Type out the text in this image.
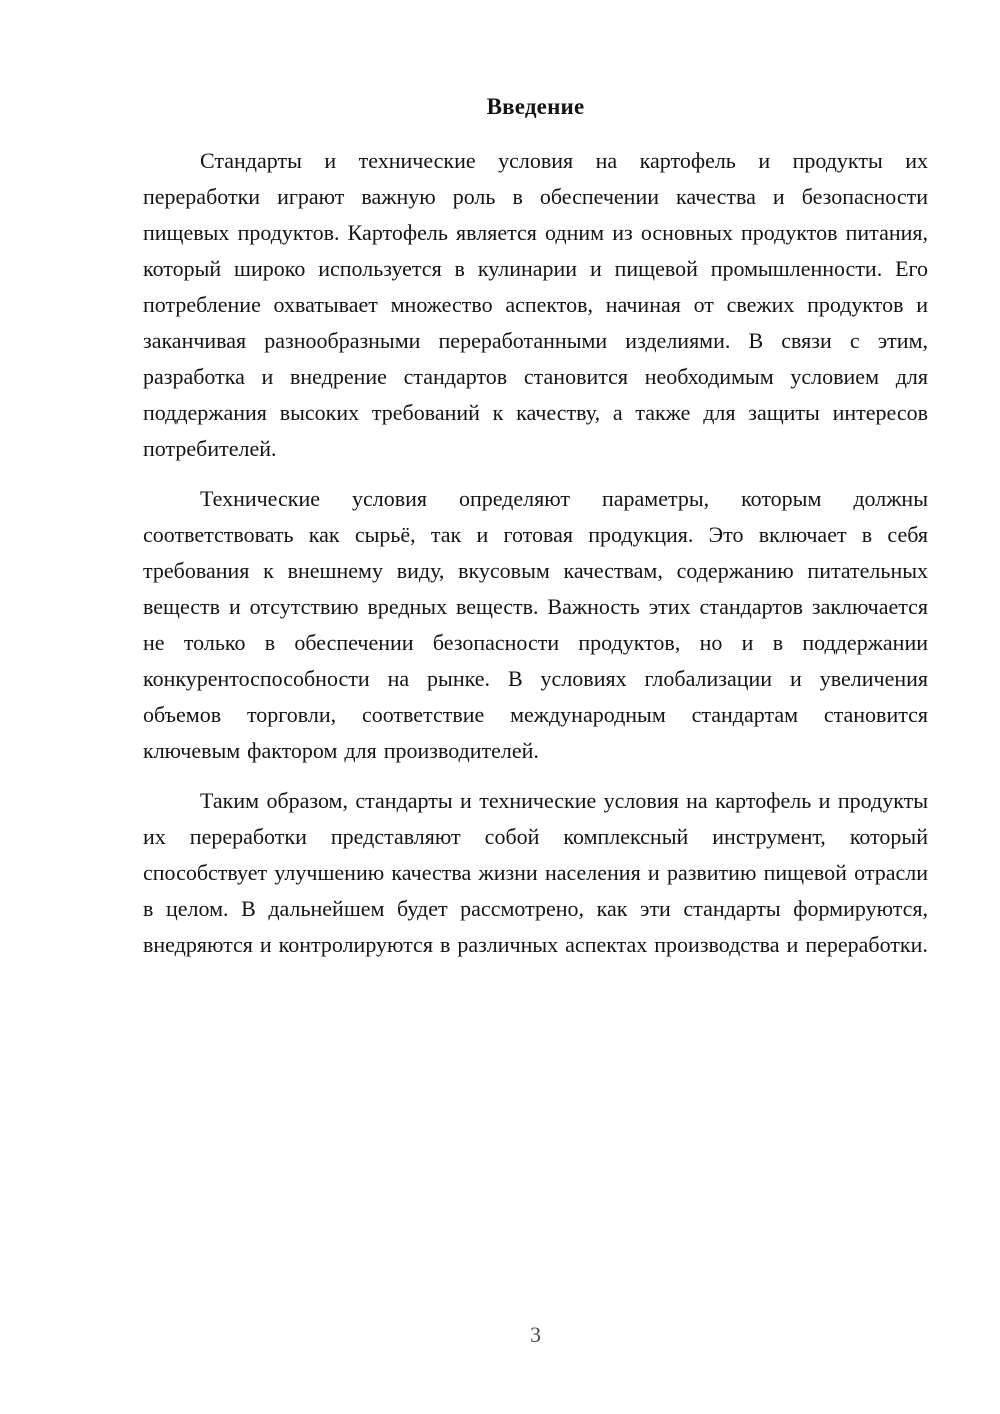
Введение

Стандарты и технические условия на картофель и продукты их переработки играют важную роль в обеспечении качества и безопасности пищевых продуктов. Картофель является одним из основных продуктов питания, который широко используется в кулинарии и пищевой промышленности. Его потребление охватывает множество аспектов, начиная от свежих продуктов и заканчивая разнообразными переработанными изделиями. В связи с этим, разработка и внедрение стандартов становится необходимым условием для поддержания высоких требований к качеству, а также для защиты интересов потребителей.

Технические условия определяют параметры, которым должны соответствовать как сырьё, так и готовая продукция. Это включает в себя требования к внешнему виду, вкусовым качествам, содержанию питательных веществ и отсутствию вредных веществ. Важность этих стандартов заключается не только в обеспечении безопасности продуктов, но и в поддержании конкурентоспособности на рынке. В условиях глобализации и увеличения объемов торговли, соответствие международным стандартам становится ключевым фактором для производителей.

Таким образом, стандарты и технические условия на картофель и продукты их переработки представляют собой комплексный инструмент, который способствует улучшению качества жизни населения и развитию пищевой отрасли в целом. В дальнейшем будет рассмотрено, как эти стандарты формируются, внедряются и контролируются в различных аспектах производства и переработки.

3
